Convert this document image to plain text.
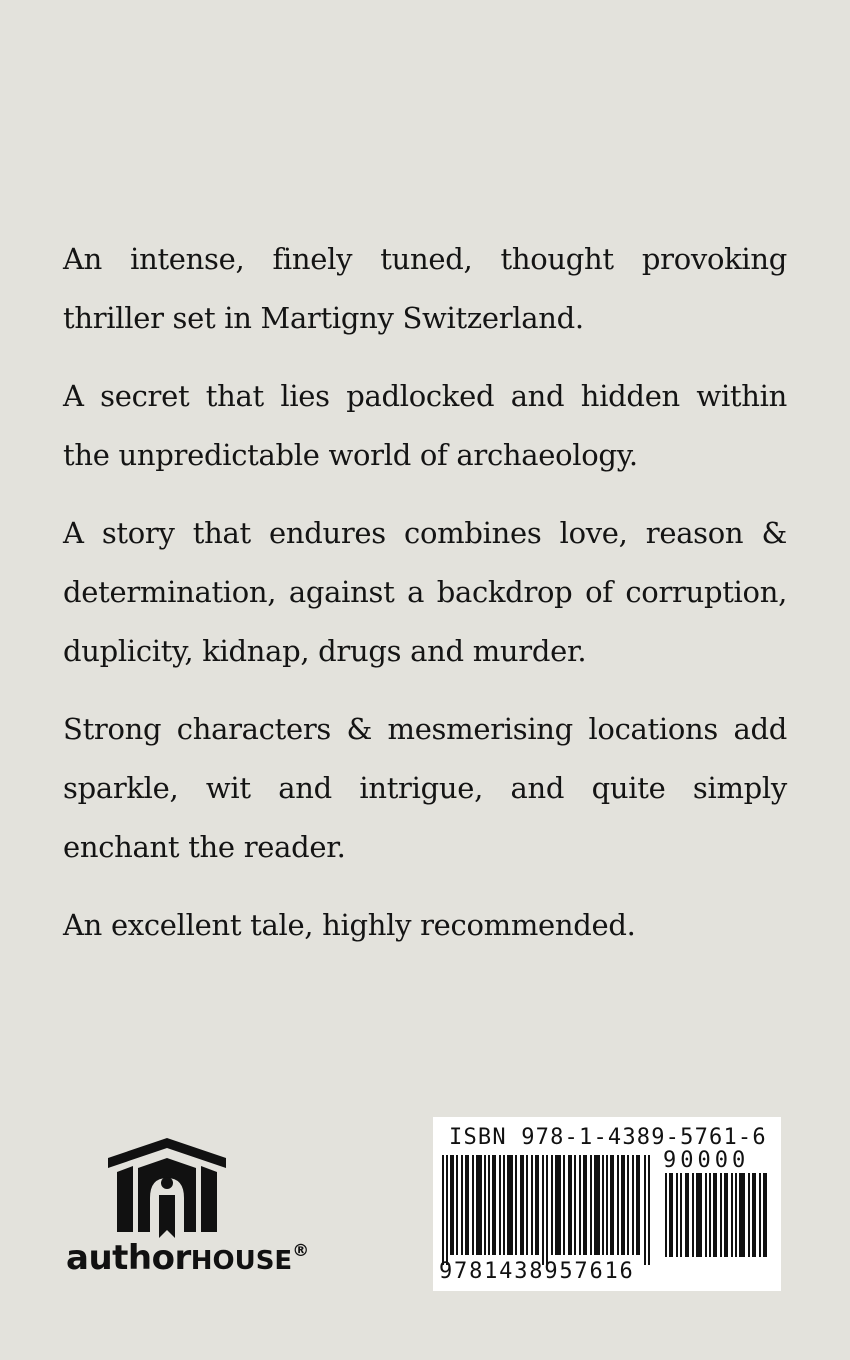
An intense, finely tuned, thought provoking thriller set in Martigny Switzerland.

A secret that lies padlocked and hidden within the unpredictable world of archaeology.

A story that endures combines love, reason & determination, against a backdrop of corruption, duplicity, kidnap, drugs and murder.

Strong characters & mesmerising locations add sparkle, wit and intrigue, and quite simply enchant the reader.

An excellent tale, highly recommended.

authorHOUSE®
ISBN 978-1-4389-5761-6
90000
9781438957616
